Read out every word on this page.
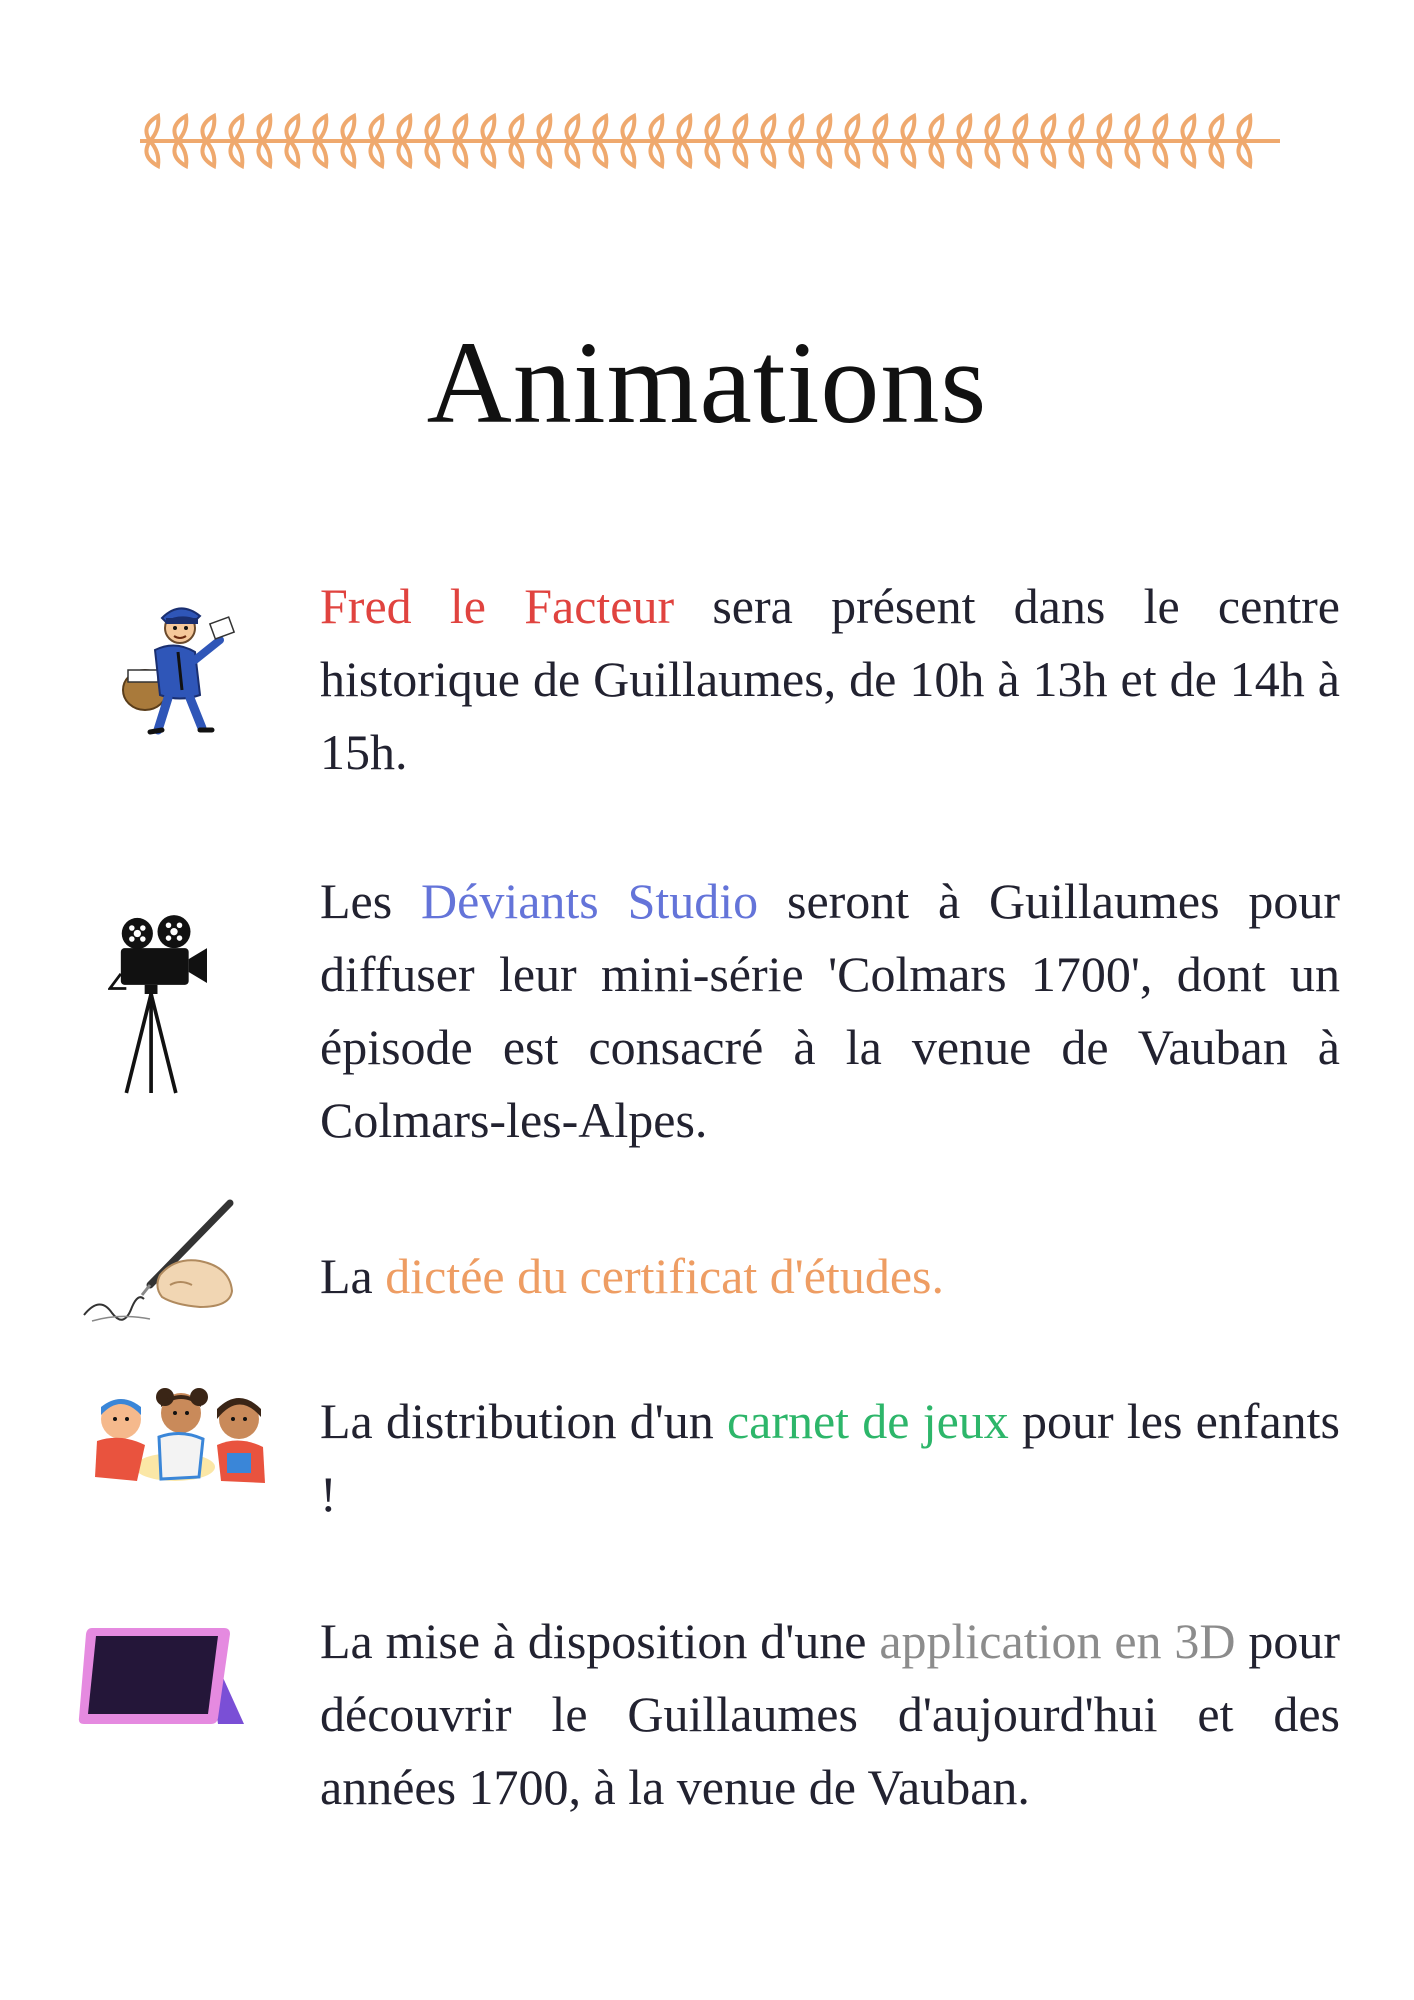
Animations
Fred le Facteur sera présent dans le centre historique de Guillaumes, de 10h à 13h et de 14h à 15h.
Les Déviants Studio seront à Guillaumes pour diffuser leur mini-série 'Colmars 1700', dont un épisode est consacré à la venue de Vauban à Colmars-les-Alpes.
La dictée du certificat d'études.
La distribution d'un carnet de jeux pour les enfants !
La mise à disposition d'une application en 3D pour découvrir le Guillaumes d'aujourd'hui et des années 1700, à la venue de Vauban.
